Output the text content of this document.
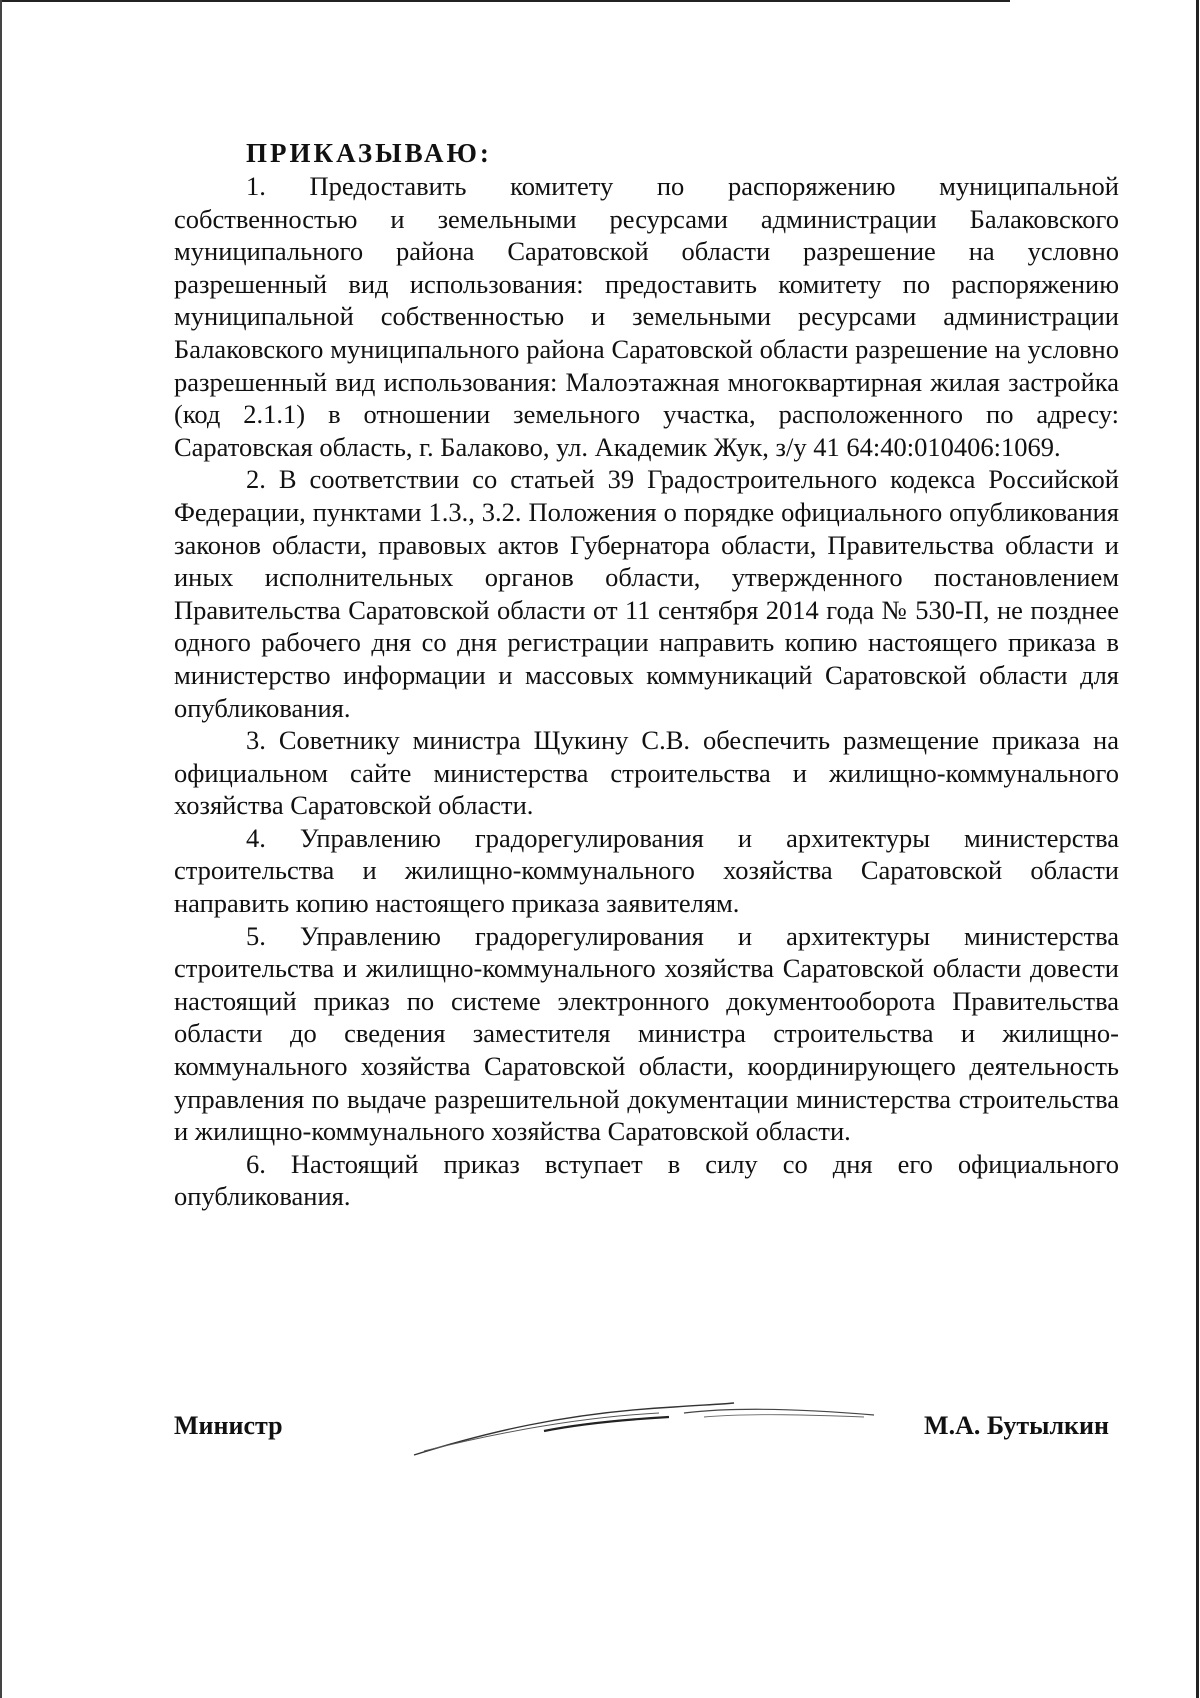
ПРИКАЗЫВАЮ:

1. Предоставить комитету по распоряжению муниципальной собственностью и земельными ресурсами администрации Балаковского муниципального района Саратовской области разрешение на условно разрешенный вид использования: предоставить комитету по распоряжению муниципальной собственностью и земельными ресурсами администрации Балаковского муниципального района Саратовской области разрешение на условно разрешенный вид использования: Малоэтажная многоквартирная жилая застройка (код 2.1.1) в отношении земельного участка, расположенного по адресу: Саратовская область, г. Балаково, ул. Академик Жук, з/у 41 64:40:010406:1069.

2. В соответствии со статьей 39 Градостроительного кодекса Российской Федерации, пунктами 1.3., 3.2. Положения о порядке официального опубликования законов области, правовых актов Губернатора области, Правительства области и иных исполнительных органов области, утвержденного постановлением Правительства Саратовской области от 11 сентября 2014 года № 530-П, не позднее одного рабочего дня со дня регистрации направить копию настоящего приказа в министерство информации и массовых коммуникаций Саратовской области для опубликования.

3. Советнику министра Щукину С.В. обеспечить размещение приказа на официальном сайте министерства строительства и жилищно-коммунального хозяйства Саратовской области.

4. Управлению градорегулирования и архитектуры министерства строительства и жилищно-коммунального хозяйства Саратовской области направить копию настоящего приказа заявителям.

5. Управлению градорегулирования и архитектуры министерства строительства и жилищно-коммунального хозяйства Саратовской области довести настоящий приказ по системе электронного документооборота Правительства области до сведения заместителя министра строительства и жилищно-коммунального хозяйства Саратовской области, координирующего деятельность управления по выдаче разрешительной документации министерства строительства и жилищно-коммунального хозяйства Саратовской области.

6. Настоящий приказ вступает в силу со дня его официального опубликования.

Министр	М.А. Бутылкин
